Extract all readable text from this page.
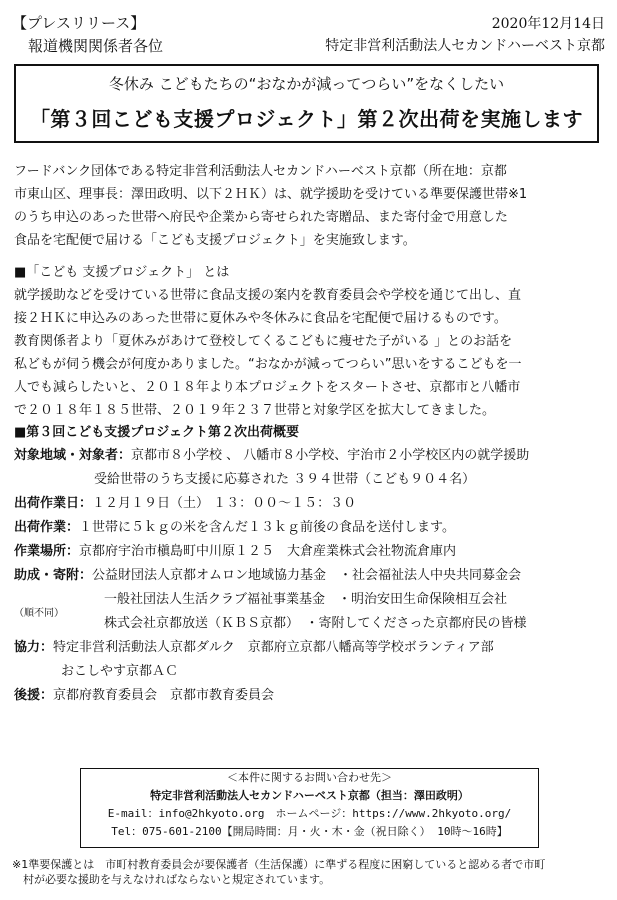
【プレスリリース】
報道機関関係者各位
2020年12月14日
特定非営利活動法人セカンドハーベスト京都
冬休み こどもたちの“おなかが減ってつらい”をなくしたい
「第３回こども支援プロジェクト」第２次出荷を実施します

フードバンク団体である特定非営利活動法人セカンドハーベスト京都（所在地：京都

市東山区、理事長：澤田政明、以下２ＨＫ）は、就学援助を受けている準要保護世帯※1

のうち申込のあった世帯へ府民や企業から寄せられた寄贈品、また寄付金で用意した

食品を宅配便で届ける「こども支援プロジェクト」を実施致します。

■「こども 支援プロジェクト」 とは

就学援助などを受けている世帯に食品支援の案内を教育委員会や学校を通じて出し、直

接２ＨＫに申込みのあった世帯に夏休みや冬休みに食品を宅配便で届けるものです。

教育関係者より「夏休みがあけて登校してくるこどもに痩せた子がいる 」とのお話を

私どもが伺う機会が何度かありました。“おなかが減ってつらい”思いをするこどもを一

人でも減らしたいと、２０１８年より本プロジェクトをスタートさせ、京都市と八幡市

で２０１８年１８５世帯、２０１９年２３７世帯と対象学区を拡大してきました。

■第３回こども支援プロジェクト第２次出荷概要

対象地域・対象者： 京都市８小学校 、 八幡市８小学校、宇治市２小学校区内の就学援助
受給世帯のうち支援に応募された ３９４世帯（こども９０４名）
出荷作業日： １２月１９日（土） １３：００～１５：３０
出荷作業： １世帯に５ｋｇの米を含んだ１３ｋｇ前後の食品を送付します。
作業場所： 京都府宇治市槇島町中川原１２５　大倉産業株式会社物流倉庫内
助成・寄附： 公益財団法人京都オムロン地域協力基金　・社会福祉法人中央共同募金会
一般社団法人生活クラブ福祉事業基金　・明治安田生命保険相互会社
（順不同）
株式会社京都放送（ＫＢＳ京都）　・寄附してくださった京都府民の皆様
協力： 特定非営利活動法人京都ダルク　京都府立京都八幡高等学校ボランティア部
おこしやす京都ＡＣ
後援： 京都府教育委員会　京都市教育委員会
＜本件に関するお問い合わせ先＞
特定非営利活動法人セカンドハーベスト京都（担当：澤田政明）
E-mail：info@2hkyoto.org　ホームページ：https://www.2hkyoto.org/
Tel：075-601-2100【開局時間：月・火・木・金（祝日除く） 10時～16時】
※1準要保護とは　市町村教育委員会が要保護者（生活保護）に準ずる程度に困窮していると認める者で市町
　村が必要な援助を与えなければならないと規定されています。
